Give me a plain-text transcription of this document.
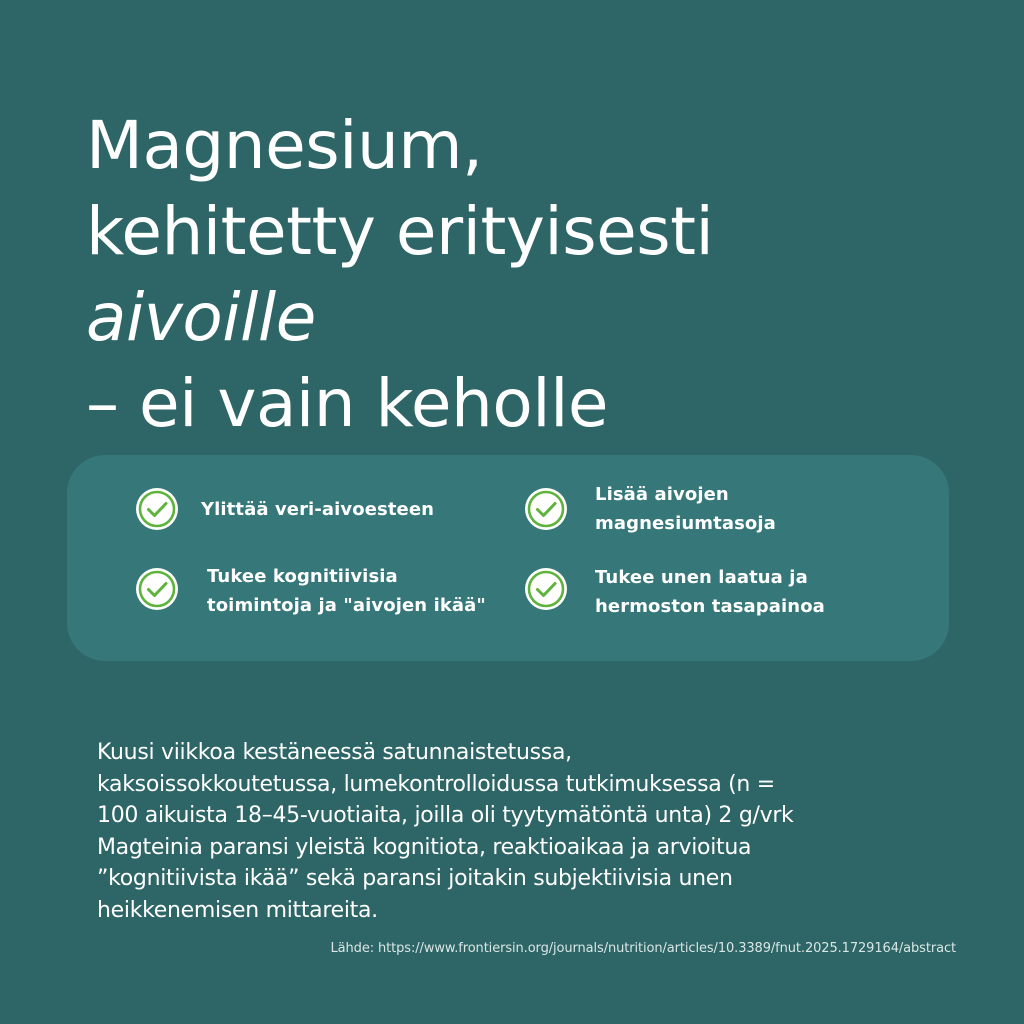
Magnesium,
kehitetty erityisesti
aivoille
– ei vain keholle
Ylittää veri-aivoesteen
Lisää aivojen
magnesiumtasoja
Tukee kognitiivisia
toimintoja ja "aivojen ikää"
Tukee unen laatua ja
hermoston tasapainoa

Kuusi viikkoa kestäneessä satunnaistetussa,
kaksoissokkoutetussa, lumekontrolloidussa tutkimuksessa (n =
100 aikuista 18–45-vuotiaita, joilla oli tyytymätöntä unta) 2 g/vrk
Magteinia paransi yleistä kognitiota, reaktioaikaa ja arvioitua
”kognitiivista ikää” sekä paransi joitakin subjektiivisia unen
heikkenemisen mittareita.

Lähde: https://www.frontiersin.org/journals/nutrition/articles/10.3389/fnut.2025.1729164/abstract
